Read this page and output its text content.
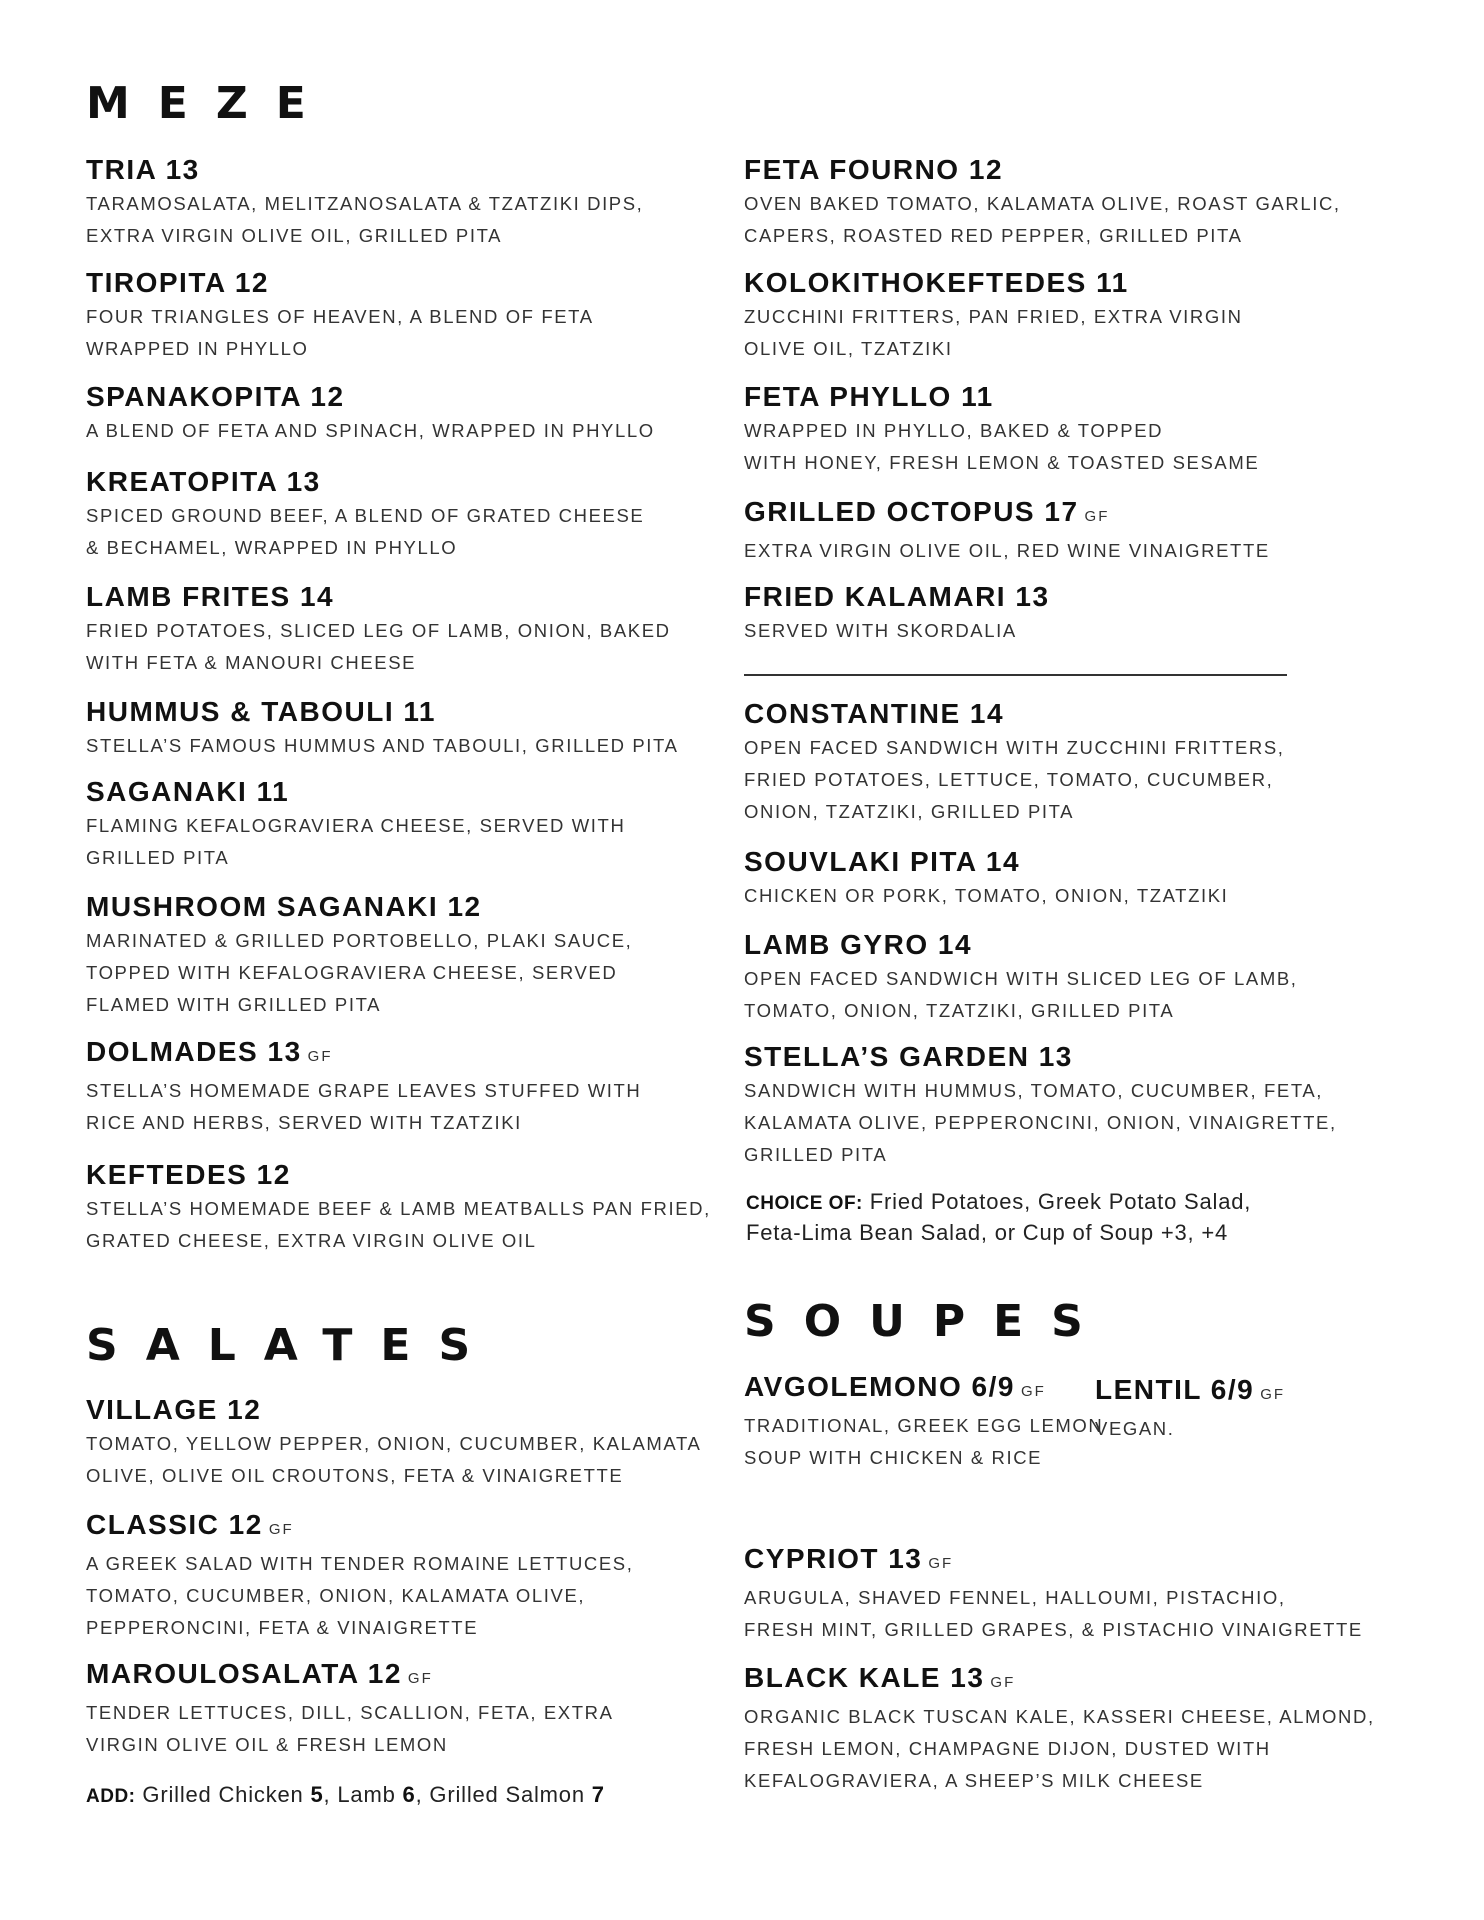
MEZE
SALATES	SOUPES
TRIA 13
TARAMOSALATA, MELITZANOSALATA & TZATZIKI DIPS,
EXTRA VIRGIN OLIVE OIL, GRILLED PITA
TIROPITA 12
FOUR TRIANGLES OF HEAVEN, A BLEND OF FETA
WRAPPED IN PHYLLO
SPANAKOPITA 12
A BLEND OF FETA AND SPINACH, WRAPPED IN PHYLLO
KREATOPITA 13
SPICED GROUND BEEF, A BLEND OF GRATED CHEESE
& BECHAMEL, WRAPPED IN PHYLLO
LAMB FRITES 14
FRIED POTATOES, SLICED LEG OF LAMB, ONION, BAKED
WITH FETA & MANOURI CHEESE
HUMMUS & TABOULI 11
STELLA’S FAMOUS HUMMUS AND TABOULI, GRILLED PITA
SAGANAKI 11
FLAMING KEFALOGRAVIERA CHEESE, SERVED WITH
GRILLED PITA
MUSHROOM SAGANAKI 12
MARINATED & GRILLED PORTOBELLO, PLAKI SAUCE,
TOPPED WITH KEFALOGRAVIERA CHEESE, SERVED
FLAMED WITH GRILLED PITA
DOLMADES 13 GF
STELLA’S HOMEMADE GRAPE LEAVES STUFFED WITH
RICE AND HERBS, SERVED WITH TZATZIKI
KEFTEDES 12
STELLA’S HOMEMADE BEEF & LAMB MEATBALLS PAN FRIED,
GRATED CHEESE, EXTRA VIRGIN OLIVE OIL
FETA FOURNO 12
OVEN BAKED TOMATO, KALAMATA OLIVE, ROAST GARLIC,
CAPERS, ROASTED RED PEPPER, GRILLED PITA
KOLOKITHOKEFTEDES 11
ZUCCHINI FRITTERS, PAN FRIED, EXTRA VIRGIN
OLIVE OIL, TZATZIKI
FETA PHYLLO 11
WRAPPED IN PHYLLO, BAKED & TOPPED
WITH HONEY, FRESH LEMON & TOASTED SESAME
GRILLED OCTOPUS 17 GF
EXTRA VIRGIN OLIVE OIL, RED WINE VINAIGRETTE
FRIED KALAMARI 13
SERVED WITH SKORDALIA
CONSTANTINE 14
OPEN FACED SANDWICH WITH ZUCCHINI FRITTERS,
FRIED POTATOES, LETTUCE, TOMATO, CUCUMBER,
ONION, TZATZIKI, GRILLED PITA
SOUVLAKI PITA 14
CHICKEN OR PORK, TOMATO, ONION, TZATZIKI
LAMB GYRO 14
OPEN FACED SANDWICH WITH SLICED LEG OF LAMB,
TOMATO, ONION, TZATZIKI, GRILLED PITA
STELLA’S GARDEN 13
SANDWICH WITH HUMMUS, TOMATO, CUCUMBER, FETA,
KALAMATA OLIVE, PEPPERONCINI, ONION, VINAIGRETTE,
GRILLED PITA
VILLAGE 12
TOMATO, YELLOW PEPPER, ONION, CUCUMBER, KALAMATA
OLIVE, OLIVE OIL CROUTONS, FETA & VINAIGRETTE
CLASSIC 12 GF
A GREEK SALAD WITH TENDER ROMAINE LETTUCES,
TOMATO, CUCUMBER, ONION, KALAMATA OLIVE,
PEPPERONCINI, FETA & VINAIGRETTE
MAROULOSALATA 12 GF
TENDER LETTUCES, DILL, SCALLION, FETA, EXTRA
VIRGIN OLIVE OIL & FRESH LEMON
AVGOLEMONO 6/9 GF
TRADITIONAL, GREEK EGG LEMON
SOUP WITH CHICKEN & RICE
LENTIL 6/9 GF
VEGAN.
CYPRIOT 13 GF
ARUGULA, SHAVED FENNEL, HALLOUMI, PISTACHIO,
FRESH MINT, GRILLED GRAPES, & PISTACHIO VINAIGRETTE
BLACK KALE 13 GF
ORGANIC BLACK TUSCAN KALE, KASSERI CHEESE, ALMOND,
FRESH LEMON, CHAMPAGNE DIJON, DUSTED WITH
KEFALOGRAVIERA, A SHEEP’S MILK CHEESE
CHOICE OF: Fried Potatoes, Greek Potato Salad,
Feta-Lima Bean Salad, or Cup of Soup +3, +4
ADD: Grilled Chicken 5, Lamb 6, Grilled Salmon 7
